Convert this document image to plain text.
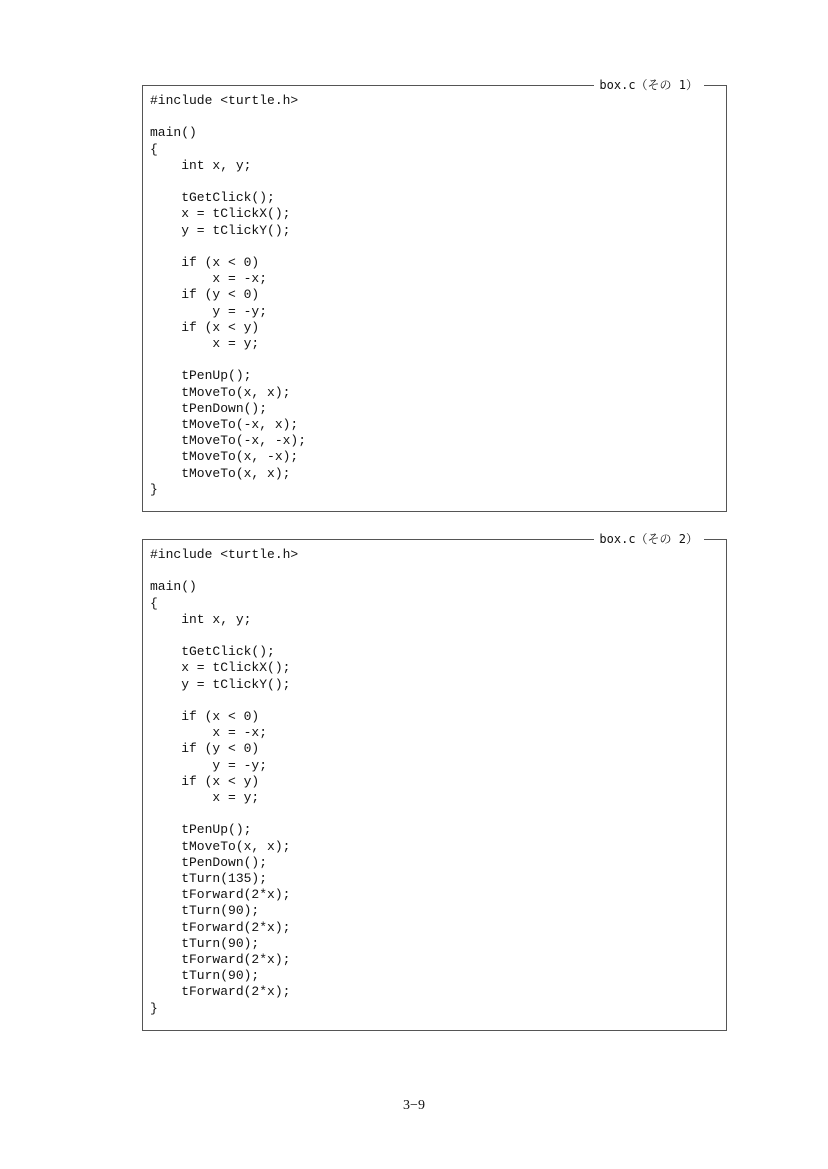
box.c（その 1）
#include <turtle.h>

main()
{
int x, y;

tGetClick();
x = tClickX();
y = tClickY();

if (x < 0)
x = -x;
if (y < 0)
y = -y;
if (x < y)
x = y;

tPenUp();
tMoveTo(x, x);
tPenDown();
tMoveTo(-x, x);
tMoveTo(-x, -x);
tMoveTo(x, -x);
tMoveTo(x, x);
}
box.c（その 2）
#include <turtle.h>

main()
{
int x, y;

tGetClick();
x = tClickX();
y = tClickY();

if (x < 0)
x = -x;
if (y < 0)
y = -y;
if (x < y)
x = y;

tPenUp();
tMoveTo(x, x);
tPenDown();
tTurn(135);
tForward(2*x);
tTurn(90);
tForward(2*x);
tTurn(90);
tForward(2*x);
tTurn(90);
tForward(2*x);
}
3−9
